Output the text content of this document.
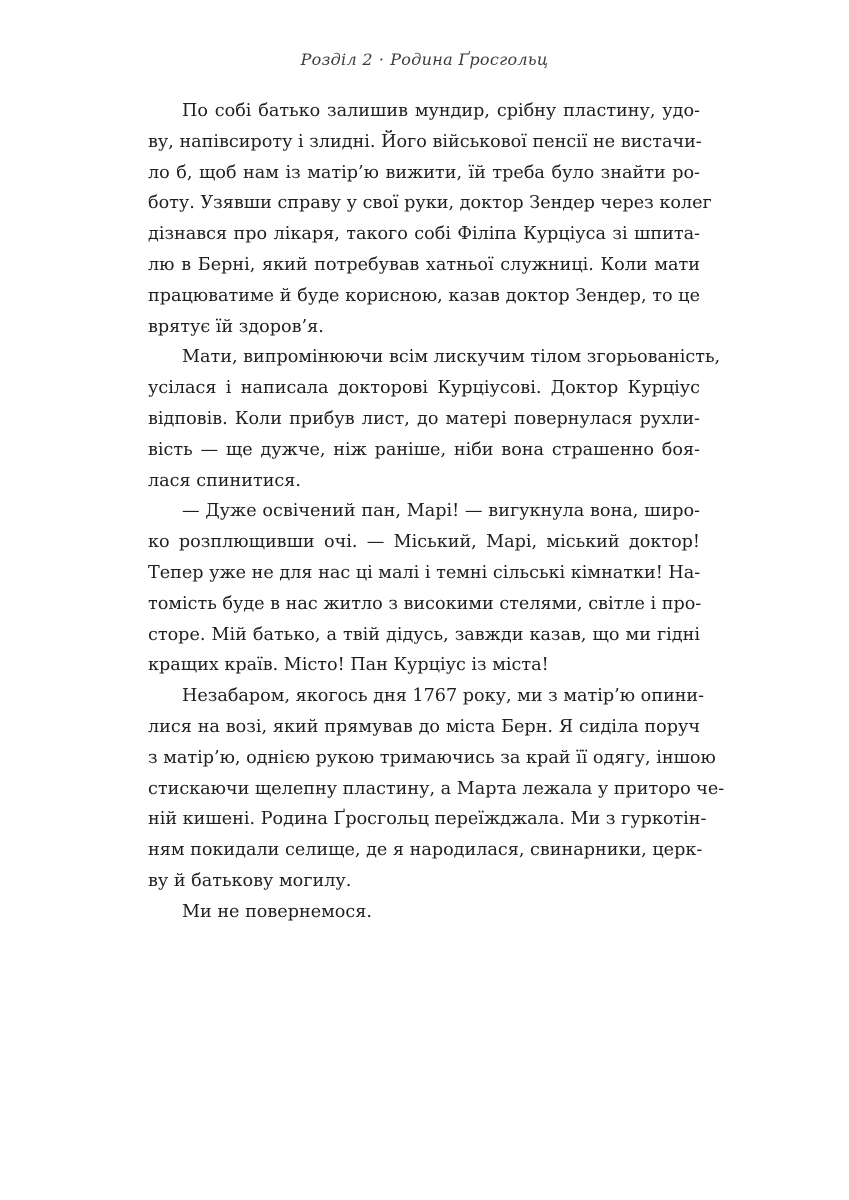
Розділ 2 · Родина Ґросгольц
По собі батько залишив мундир, срібну пластину, удо-
ву, напівсироту і злидні. Його військової пенсії не вистачи-
ло б, щоб нам із матір’ю вижити, їй треба було знайти ро-
боту. Узявши справу у свої руки, доктор Зендер через колег
дізнався про лікаря, такого собі Філіпа Курціуса зі шпита-
лю в Берні, який потребував хатньої служниці. Коли мати
працюватиме й буде корисною, казав доктор Зендер, то це
врятує їй здоров’я.
Мати, випромінюючи всім лискучим тілом згорьованість,
усілася і написала докторові Курціусові. Доктор Курціус
відповів. Коли прибув лист, до матері повернулася рухли-
вість — ще дужче, ніж раніше, ніби вона страшенно боя-
лася спинитися.
— Дуже освічений пан, Марі! — вигукнула вона, широ-
ко розплющивши очі. — Міський, Марі, міський доктор!
Тепер уже не для нас ці малі і темні сільські кімнатки! На-
томість буде в нас житло з високими стелями, світле і про-
сторе. Мій батько, а твій дідусь, завжди казав, що ми гідні
кращих країв. Місто! Пан Курціус із міста!
Незабаром, якогось дня 1767 року, ми з матір’ю опини-
лися на возі, який прямував до міста Берн. Я сиділа поруч
з матір’ю, однією рукою тримаючись за край її одягу, іншою
стискаючи щелепну пластину, а Марта лежала у приторо че-
ній кишені. Родина Ґросгольц переїжджала. Ми з гуркотін-
ням покидали селище, де я народилася, свинарники, церк-
ву й батькову могилу.
Ми не повернемося.
